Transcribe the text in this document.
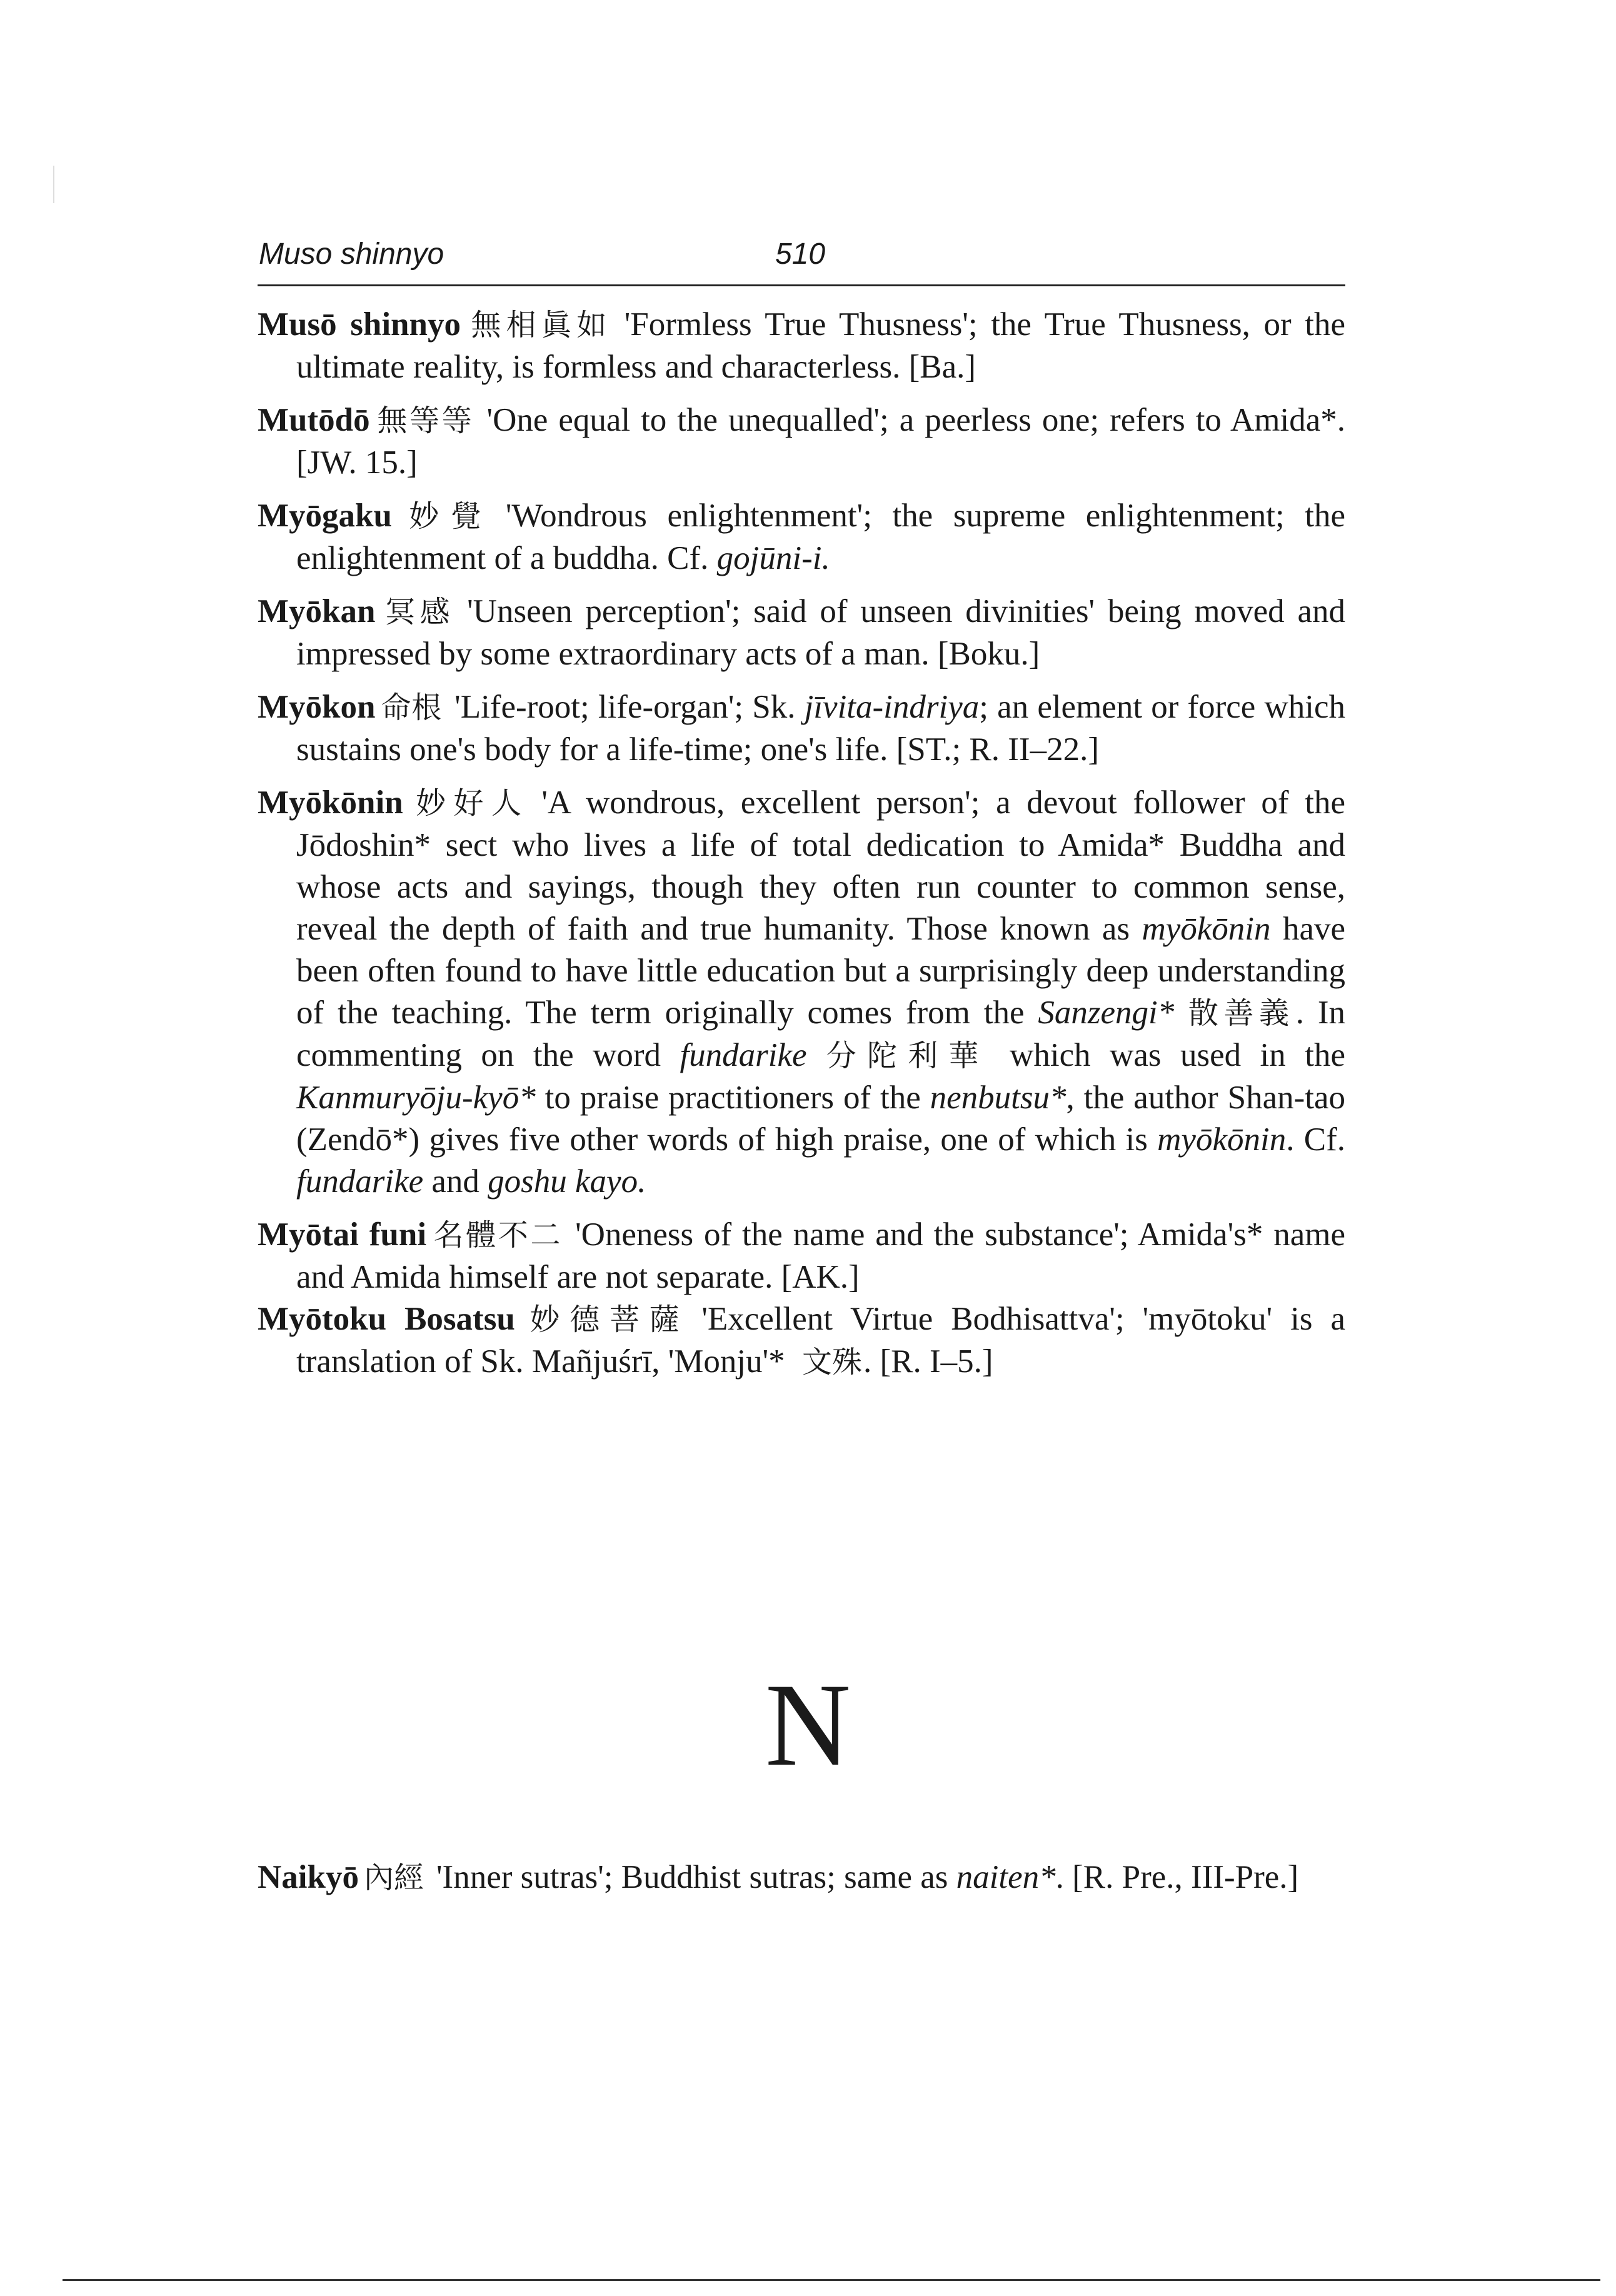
Muso shinnyo	510

Musō shinnyo 無相眞如 'Formless True Thusness'; the True Thusness, or the ultimate reality, is formless and characterless. [Ba.]

Mutōdō 無等等 'One equal to the unequalled'; a peerless one; refers to Amida*. [JW. 15.]

Myōgaku 妙覺 'Wondrous enlightenment'; the supreme enlightenment; the enlightenment of a buddha. Cf. gojūni-i.

Myōkan 冥感 'Unseen perception'; said of unseen divinities' being moved and impressed by some extraordinary acts of a man. [Boku.]

Myōkon 命根 'Life-root; life-organ'; Sk. jīvita-indriya; an element or force which sustains one's body for a life-time; one's life. [ST.; R. II–22.]

Myōkōnin 妙好人 'A wondrous, excellent person'; a devout follower of the Jōdoshin* sect who lives a life of total dedication to Amida* Buddha and whose acts and sayings, though they often run counter to common sense, reveal the depth of faith and true humanity. Those known as myōkōnin have been often found to have little education but a surprisingly deep understanding of the teaching. The term originally comes from the Sanzengi* 散善義. In commenting on the word fundarike 分陀利華 which was used in the Kanmuryōju-kyō* to praise practitioners of the nenbutsu*, the author Shan-tao (Zendō*) gives five other words of high praise, one of which is myōkōnin. Cf. fundarike and goshu kayo.

Myōtai funi 名體不二 'Oneness of the name and the substance'; Amida's* name and Amida himself are not separate. [AK.]

Myōtoku Bosatsu 妙德菩薩 'Excellent Virtue Bodhisattva'; 'myōtoku' is a translation of Sk. Mañjuśrī, 'Monju'* 文殊. [R. I–5.]

N

Naikyō 內經 'Inner sutras'; Buddhist sutras; same as naiten*. [R. Pre., III-Pre.]
